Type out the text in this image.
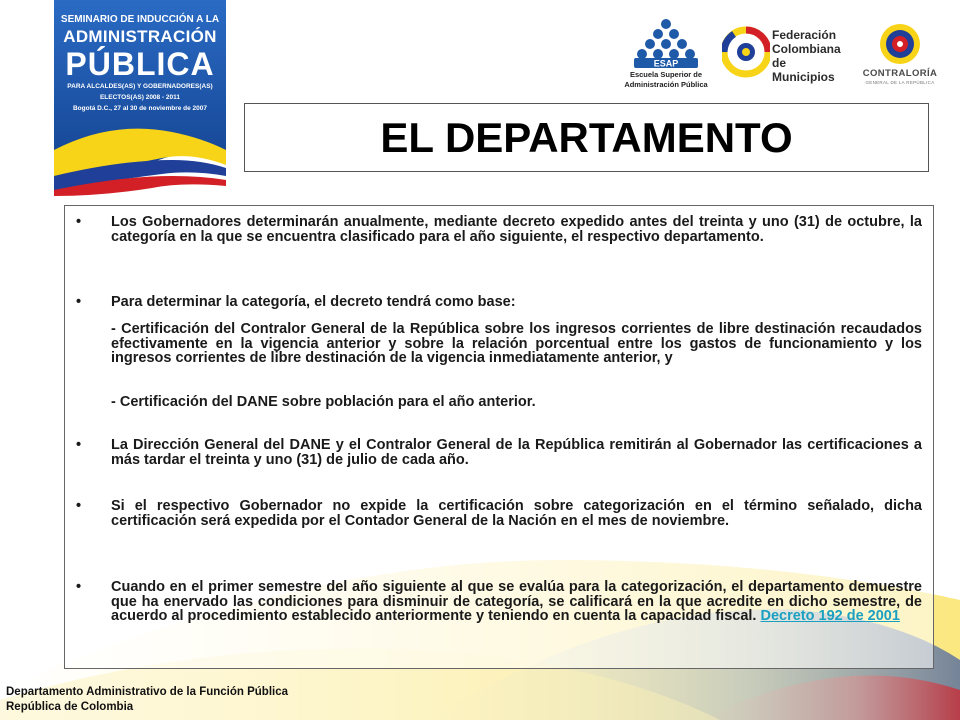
SEMINARIO DE INDUCCIÓN A LA
ADMINISTRACIÓN
PÚBLICA
PARA ALCALDES(AS) Y GOBERNADORES(AS)
ELECTOS(AS) 2008 - 2011
Bogotá D.C., 27 al 30 de noviembre de 2007
ESAP
Escuela Superior de
Administración Pública
Federación
Colombiana
de Municipios	CONTRALORÍA
GENERAL DE LA REPÚBLICA
EL DEPARTAMENTO

• Los Gobernadores determinarán anualmente, mediante decreto expedido antes del treinta y uno (31) de octubre, la categoría en la que se encuentra clasificado para el año siguiente, el respectivo departamento.

• Para determinar la categoría, el decreto tendrá como base:

- Certificación del Contralor General de la República sobre los ingresos corrientes de libre destinación recaudados efectivamente en la vigencia anterior y sobre la relación porcentual entre los gastos de funcionamiento y los ingresos corrientes de libre destinación de la vigencia inmediatamente anterior, y

- Certificación del DANE sobre población para el año anterior.

• La Dirección General del DANE y el Contralor General de la República remitirán al Gobernador las certificaciones a más tardar el treinta y uno (31) de julio de cada año.

• Si el respectivo Gobernador no expide la certificación sobre categorización en el término señalado, dicha certificación será expedida por el Contador General de la Nación en el mes de noviembre.

• Cuando en el primer semestre del año siguiente al que se evalúa para la categorización, el departamento demuestre que ha enervado las condiciones para disminuir de categoría, se calificará en la que acredite en dicho semestre, de acuerdo al procedimiento establecido anteriormente y teniendo en cuenta la capacidad fiscal. Decreto 192 de 2001

Departamento Administrativo de la Función Pública
República de Colombia
